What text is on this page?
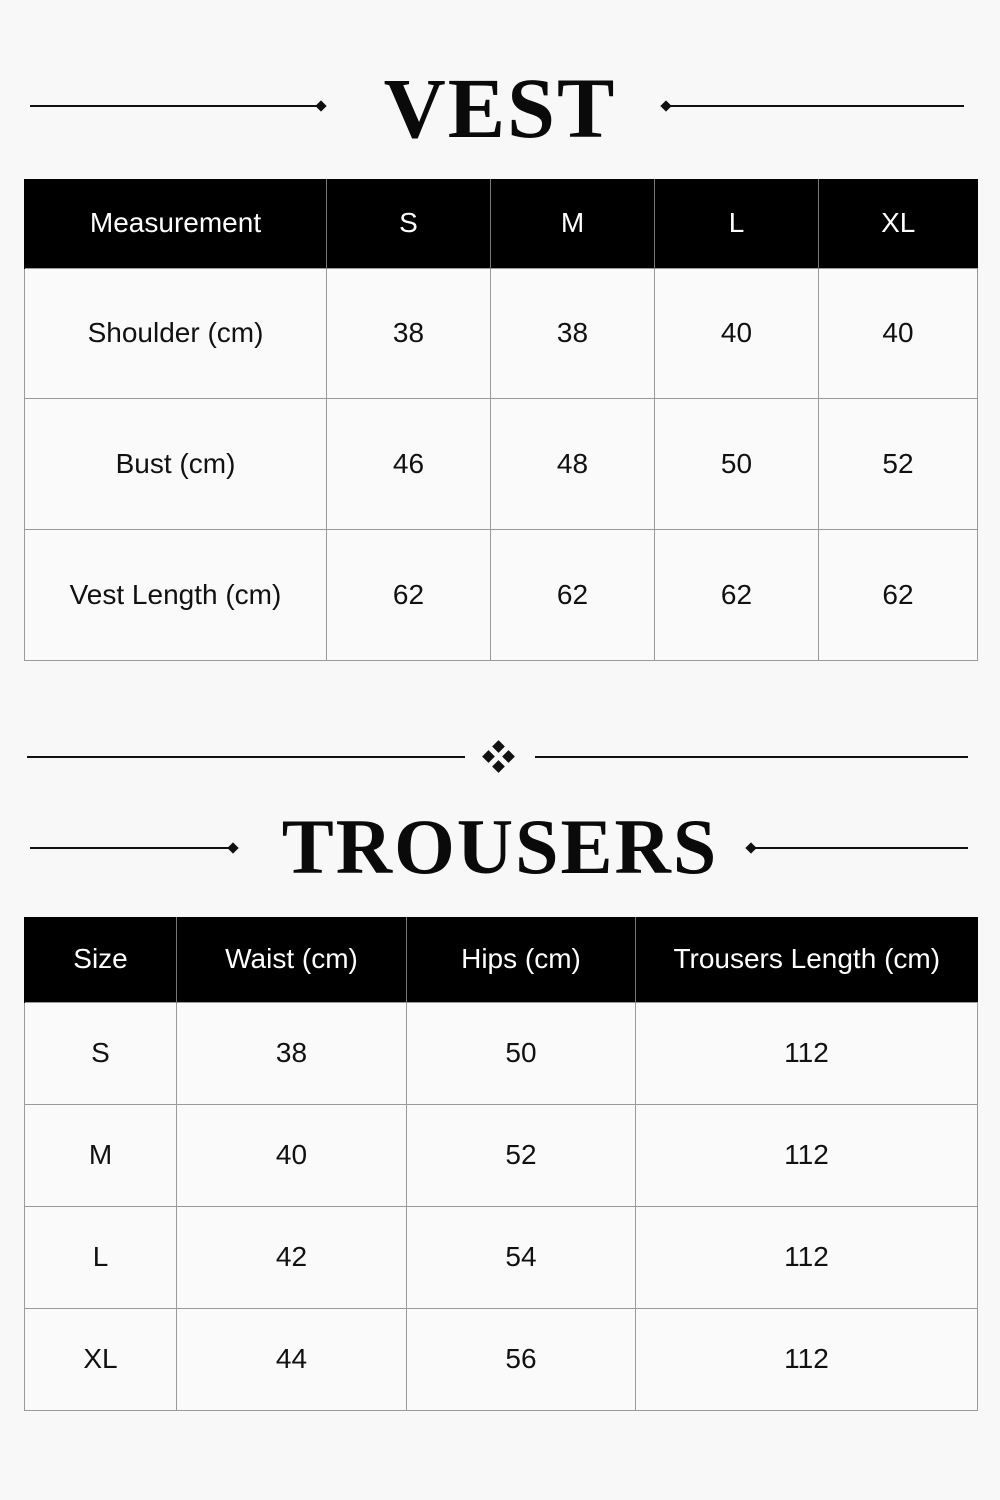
VEST
Measurement	S	M	L	XL
Shoulder (cm)	38	38	40	40
Bust (cm)	46	48	50	52
Vest Length (cm)	62	62	62	62
TROUSERS
Size	Waist (cm)	Hips (cm)	Trousers Length (cm)
S	38	50	112
M	40	52	112
L	42	54	112
XL	44	56	112
